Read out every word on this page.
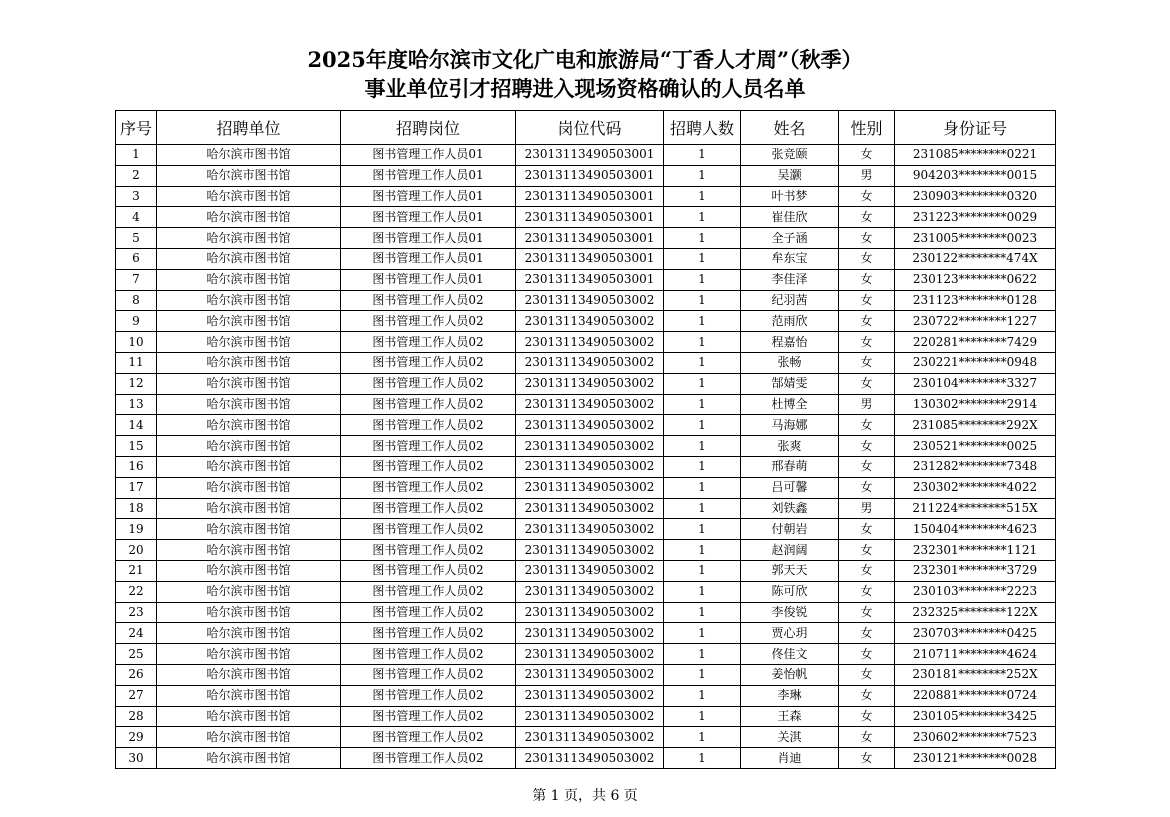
2025年度哈尔滨市文化广电和旅游局“丁香人才周”（秋季）
事业单位引才招聘进入现场资格确认的人员名单
序号	招聘单位	招聘岗位	岗位代码	招聘人数	姓名	性别	身份证号
1	哈尔滨市图书馆	图书管理工作人员01	23013113490503001	1	张竞颐	女	231085********0221
2	哈尔滨市图书馆	图书管理工作人员01	23013113490503001	1	吴灏	男	904203********0015
3	哈尔滨市图书馆	图书管理工作人员01	23013113490503001	1	叶书梦	女	230903********0320
4	哈尔滨市图书馆	图书管理工作人员01	23013113490503001	1	崔佳欣	女	231223********0029
5	哈尔滨市图书馆	图书管理工作人员01	23013113490503001	1	全子涵	女	231005********0023
6	哈尔滨市图书馆	图书管理工作人员01	23013113490503001	1	牟东宝	女	230122********474X
7	哈尔滨市图书馆	图书管理工作人员01	23013113490503001	1	李佳泽	女	230123********0622
8	哈尔滨市图书馆	图书管理工作人员02	23013113490503002	1	纪羽茜	女	231123********0128
9	哈尔滨市图书馆	图书管理工作人员02	23013113490503002	1	范雨欣	女	230722********1227
10	哈尔滨市图书馆	图书管理工作人员02	23013113490503002	1	程嘉怡	女	220281********7429
11	哈尔滨市图书馆	图书管理工作人员02	23013113490503002	1	张畅	女	230221********0948
12	哈尔滨市图书馆	图书管理工作人员02	23013113490503002	1	郜婧雯	女	230104********3327
13	哈尔滨市图书馆	图书管理工作人员02	23013113490503002	1	杜博全	男	130302********2914
14	哈尔滨市图书馆	图书管理工作人员02	23013113490503002	1	马海娜	女	231085********292X
15	哈尔滨市图书馆	图书管理工作人员02	23013113490503002	1	张爽	女	230521********0025
16	哈尔滨市图书馆	图书管理工作人员02	23013113490503002	1	邢春萌	女	231282********7348
17	哈尔滨市图书馆	图书管理工作人员02	23013113490503002	1	吕可馨	女	230302********4022
18	哈尔滨市图书馆	图书管理工作人员02	23013113490503002	1	刘铁鑫	男	211224********515X
19	哈尔滨市图书馆	图书管理工作人员02	23013113490503002	1	付朝岩	女	150404********4623
20	哈尔滨市图书馆	图书管理工作人员02	23013113490503002	1	赵润阔	女	232301********1121
21	哈尔滨市图书馆	图书管理工作人员02	23013113490503002	1	郭天天	女	232301********3729
22	哈尔滨市图书馆	图书管理工作人员02	23013113490503002	1	陈可欣	女	230103********2223
23	哈尔滨市图书馆	图书管理工作人员02	23013113490503002	1	李俊锐	女	232325********122X
24	哈尔滨市图书馆	图书管理工作人员02	23013113490503002	1	贾心玥	女	230703********0425
25	哈尔滨市图书馆	图书管理工作人员02	23013113490503002	1	佟佳文	女	210711********4624
26	哈尔滨市图书馆	图书管理工作人员02	23013113490503002	1	姜怡帆	女	230181********252X
27	哈尔滨市图书馆	图书管理工作人员02	23013113490503002	1	李琳	女	220881********0724
28	哈尔滨市图书馆	图书管理工作人员02	23013113490503002	1	王森	女	230105********3425
29	哈尔滨市图书馆	图书管理工作人员02	23013113490503002	1	关淇	女	230602********7523
30	哈尔滨市图书馆	图书管理工作人员02	23013113490503002	1	肖迪	女	230121********0028
第 1 页，共 6 页
